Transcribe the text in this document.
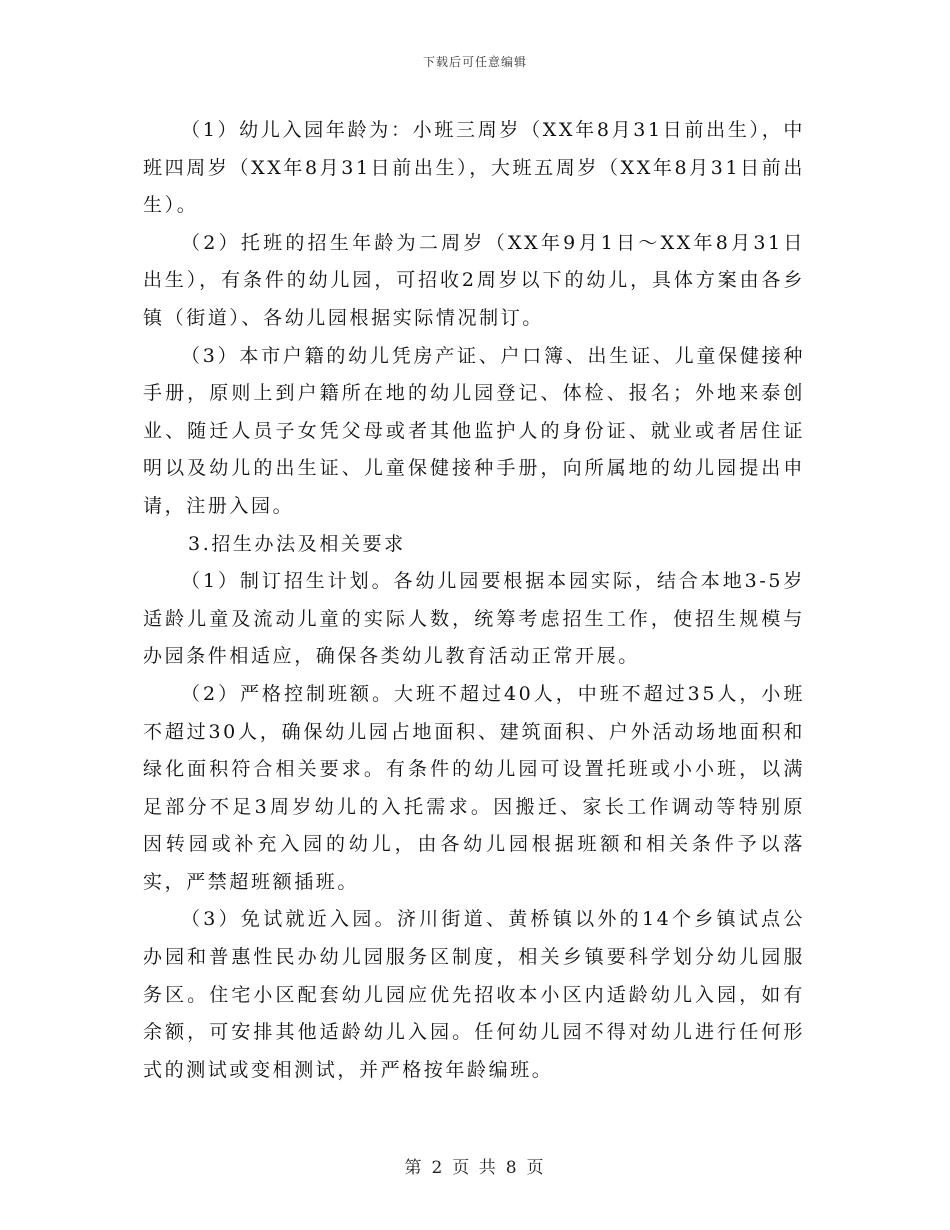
下载后可任意编辑

（1）幼儿入园年龄为：小班三周岁（XX年8月31日前出生），中班四周岁（XX年8月31日前出生），大班五周岁（XX年8月31日前出生）。

（2）托班的招生年龄为二周岁（XX年9月1日～XX年8月31日出生），有条件的幼儿园，可招收2周岁以下的幼儿，具体方案由各乡镇（街道）、各幼儿园根据实际情况制订。

（3）本市户籍的幼儿凭房产证、户口簿、出生证、儿童保健接种手册，原则上到户籍所在地的幼儿园登记、体检、报名；外地来泰创业、随迁人员子女凭父母或者其他监护人的身份证、就业或者居住证明以及幼儿的出生证、儿童保健接种手册，向所属地的幼儿园提出申请，注册入园。

3.招生办法及相关要求

（1）制订招生计划。各幼儿园要根据本园实际，结合本地3-5岁适龄儿童及流动儿童的实际人数，统筹考虑招生工作，使招生规模与办园条件相适应，确保各类幼儿教育活动正常开展。

（2）严格控制班额。大班不超过40人，中班不超过35人，小班不超过30人，确保幼儿园占地面积、建筑面积、户外活动场地面积和绿化面积符合相关要求。有条件的幼儿园可设置托班或小小班，以满足部分不足3周岁幼儿的入托需求。因搬迁、家长工作调动等特别原因转园或补充入园的幼儿，由各幼儿园根据班额和相关条件予以落实，严禁超班额插班。

（3）免试就近入园。济川街道、黄桥镇以外的14个乡镇试点公办园和普惠性民办幼儿园服务区制度，相关乡镇要科学划分幼儿园服务区。住宅小区配套幼儿园应优先招收本小区内适龄幼儿入园，如有余额，可安排其他适龄幼儿入园。任何幼儿园不得对幼儿进行任何形式的测试或变相测试，并严格按年龄编班。

第 2 页 共 8 页
